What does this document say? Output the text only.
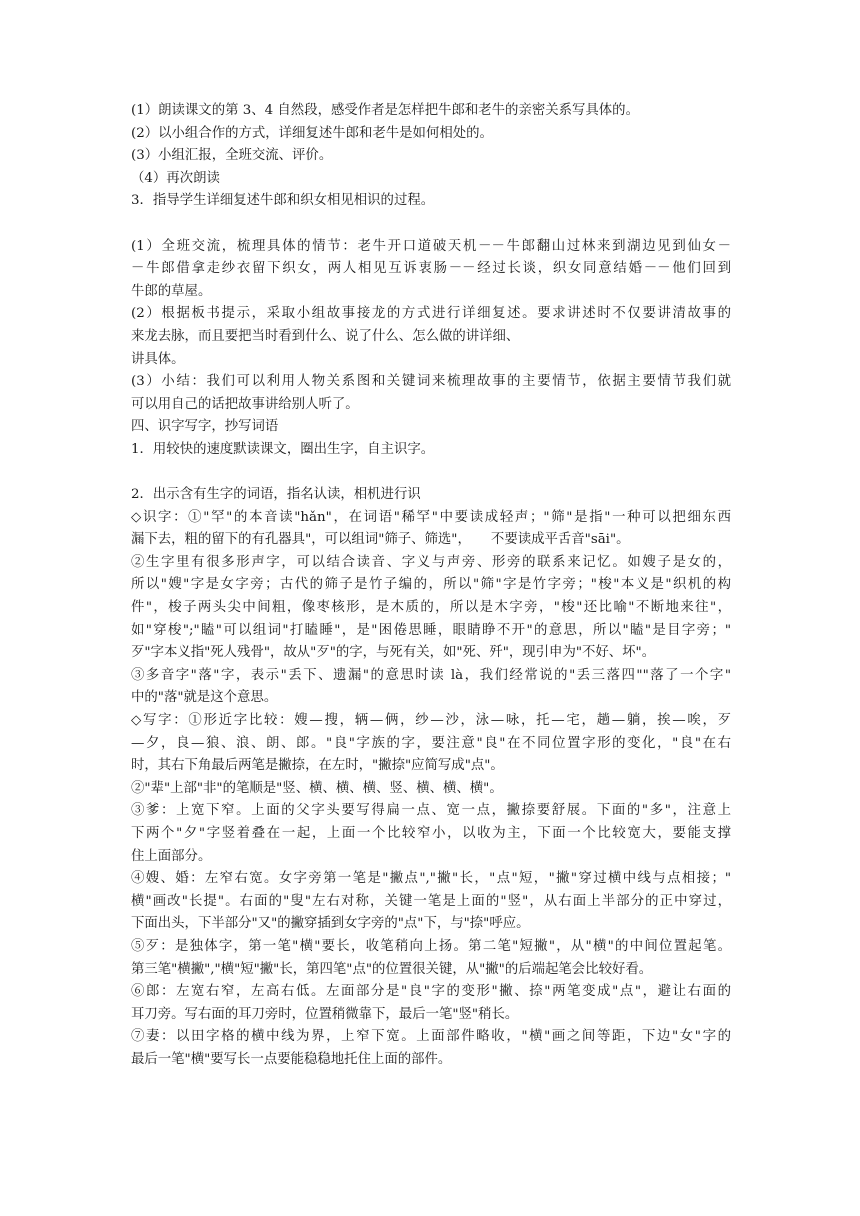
(1）朗读课文的第 3、4 自然段，感受作者是怎样把牛郎和老牛的亲密关系写具体的。
(2）以小组合作的方式，详细复述牛郎和老牛是如何相处的。
(3）小组汇报，全班交流、评价。
（4）再次朗读
3．指导学生详细复述牛郎和织女相见相识的过程。
(1）全班交流，梳理具体的情节：老牛开口道破天机－－牛郎翻山过林来到湖边见到仙女－
－牛郎借拿走纱衣留下织女，两人相见互诉衷肠－－经过长谈，织女同意结婚－－他们回到
牛郎的草屋。
(2）根据板书提示，采取小组故事接龙的方式进行详细复述。要求讲述时不仅要讲清故事的
来龙去脉，而且要把当时看到什么、说了什么、怎么做的讲详细、
讲具体。
(3）小结：我们可以利用人物关系图和关键词来梳理故事的主要情节，依据主要情节我们就
可以用自己的话把故事讲给别人听了。
四、识字写字，抄写词语
1．用较快的速度默读课文，圈出生字，自主识字。
2．出示含有生字的词语，指名认读，相机进行识
◇识字：①"罕"的本音读"hǎn"，在词语"稀罕"中要读成轻声；"筛"是指"一种可以把细东西
漏下去，粗的留下的有孔器具"，可以组词"筛子、筛选"，　　不要读成平舌音"sāi"。
②生字里有很多形声字，可以结合读音、字义与声旁、形旁的联系来记忆。如嫂子是女的，
所以"嫂"字是女字旁；古代的筛子是竹子编的，所以"筛"字是竹字旁；"梭"本义是"织机的构
件"，梭子两头尖中间粗，像枣核形，是木质的，所以是木字旁，"梭"还比喻"不断地来往"，
如"穿梭";"瞌"可以组词"打瞌睡"，是"困倦思睡，眼睛睁不开"的意思，所以"瞌"是目字旁；"
歹"字本义指"死人残骨"，故从"歹"的字，与死有关，如"死、歼"，现引申为"不好、坏"。
③多音字"落"字，表示"丢下、遗漏"的意思时读 là，我们经常说的"丢三落四""落了一个字"
中的"落"就是这个意思。
◇写字：①形近字比较：嫂—搜，辆—俩，纱—沙，泳—咏，托—宅，趟—躺，挨—唉，歹
—夕，良—狼、浪、朗、郎。"良"字族的字，要注意"良"在不同位置字形的变化，"良"在右
时，其右下角最后两笔是撇捺，在左时，"撇捺"应简写成"点"。
②"辈"上部"非"的笔顺是"竖、横、横、横、竖、横、横、横"。
③爹：上宽下窄。上面的父字头要写得扁一点、宽一点，撇捺要舒展。下面的"多"，注意上
下两个"夕"字竖着叠在一起，上面一个比较窄小，以收为主，下面一个比较宽大，要能支撑
住上面部分。
④嫂、婚：左窄右宽。女字旁第一笔是"撇点","撇"长，"点"短，"撇"穿过横中线与点相接；"
横"画改"长提"。右面的"叟"左右对称，关键一笔是上面的"竖"，从右面上半部分的正中穿过，
下面出头，下半部分"又"的撇穿插到女字旁的"点"下，与"捺"呼应。
⑤歹：是独体字，第一笔"横"要长，收笔稍向上扬。第二笔"短撇"，从"横"的中间位置起笔。
第三笔"横撇","横"短"撇"长，第四笔"点"的位置很关键，从"撇"的后端起笔会比较好看。
⑥郎：左宽右窄，左高右低。左面部分是"良"字的变形"撇、捺"两笔变成"点"，避让右面的
耳刀旁。写右面的耳刀旁时，位置稍微靠下，最后一笔"竖"稍长。
⑦妻：以田字格的横中线为界，上窄下宽。上面部件略收，"横"画之间等距，下边"女"字的
最后一笔"横"要写长一点要能稳稳地托住上面的部件。
